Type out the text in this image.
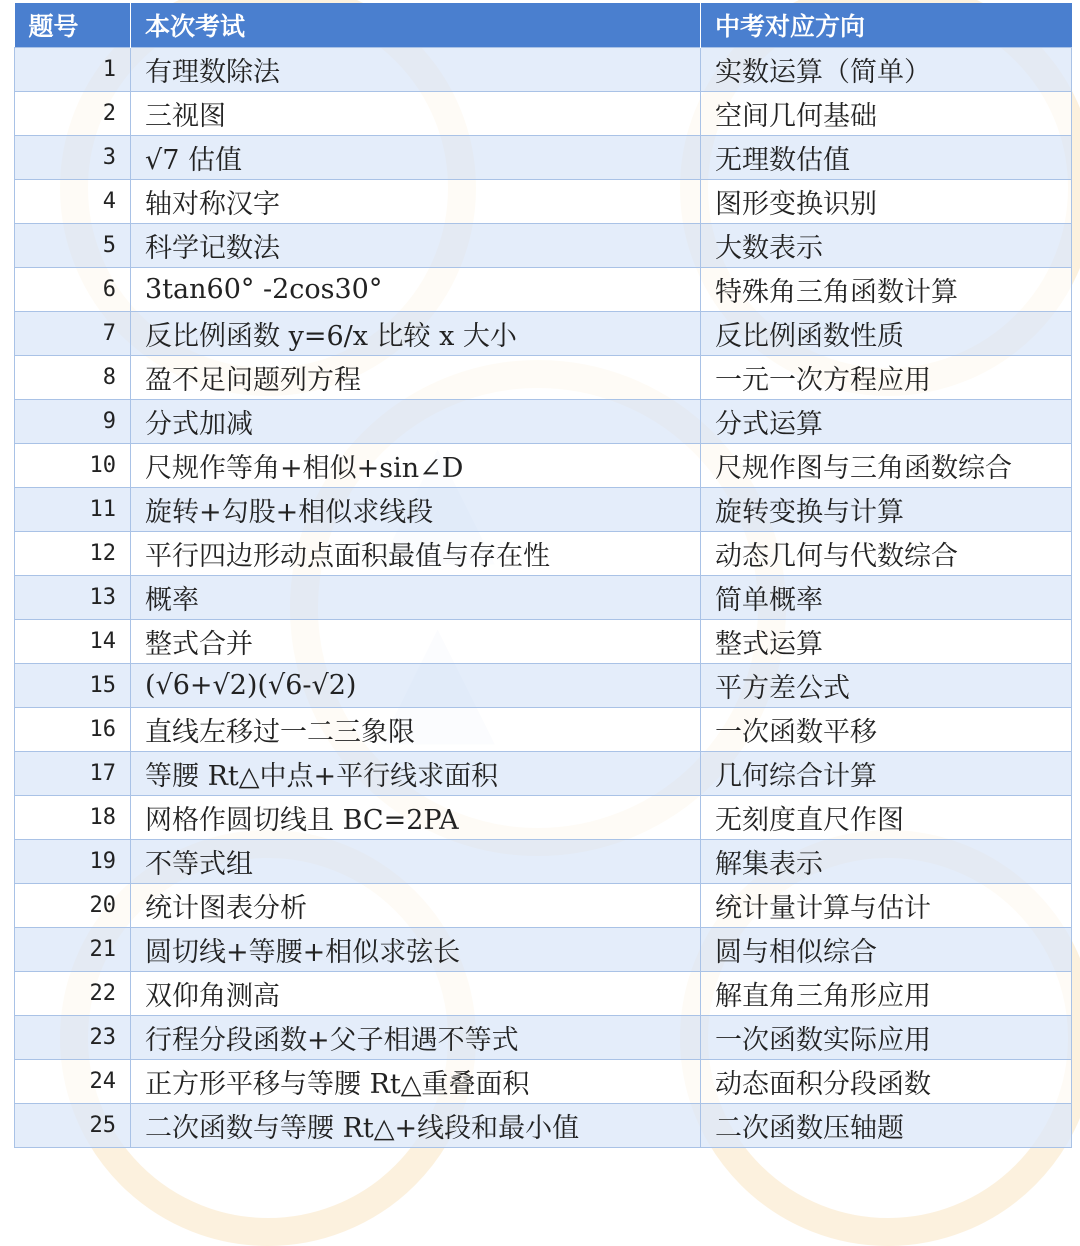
题号	本次考试	中考对应方向
1	有理数除法	实数运算（简单）
2	三视图	空间几何基础
3	√7 估值	无理数估值
4	轴对称汉字	图形变换识别
5	科学记数法	大数表示
6	3tan60° -2cos30°	特殊角三角函数计算
7	反比例函数 y=6/x 比较 x 大小	反比例函数性质
8	盈不足问题列方程	一元一次方程应用
9	分式加减	分式运算
10	尺规作等角+相似+sin∠D	尺规作图与三角函数综合
11	旋转+勾股+相似求线段	旋转变换与计算
12	平行四边形动点面积最值与存在性	动态几何与代数综合
13	概率	简单概率
14	整式合并	整式运算
15	(√6+√2)(√6-√2)	平方差公式
16	直线左移过一二三象限	一次函数平移
17	等腰 Rt△中点+平行线求面积	几何综合计算
18	网格作圆切线且 BC=2PA	无刻度直尺作图
19	不等式组	解集表示
20	统计图表分析	统计量计算与估计
21	圆切线+等腰+相似求弦长	圆与相似综合
22	双仰角测高	解直角三角形应用
23	行程分段函数+父子相遇不等式	一次函数实际应用
24	正方形平移与等腰 Rt△重叠面积	动态面积分段函数
25	二次函数与等腰 Rt△+线段和最小值	二次函数压轴题
